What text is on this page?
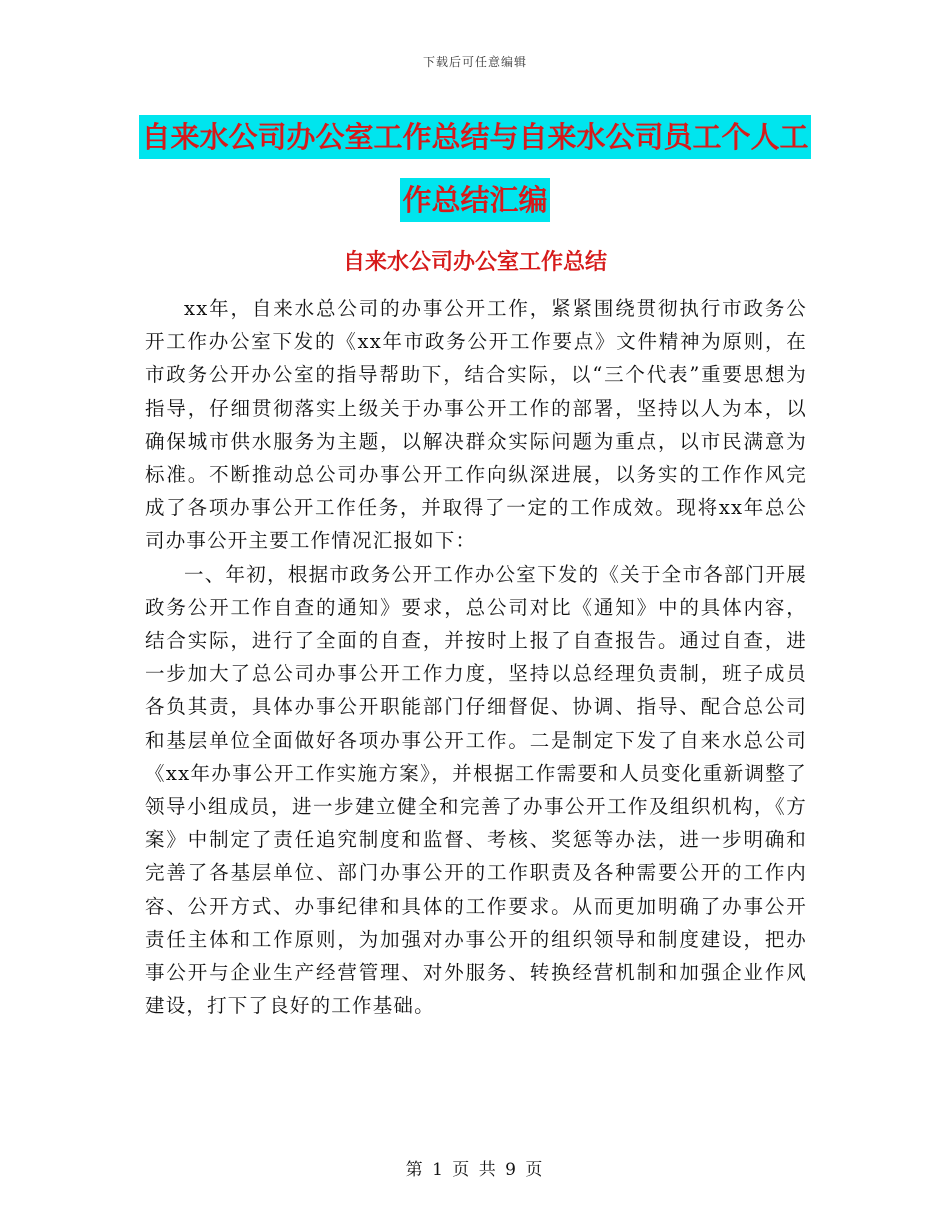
下载后可任意编辑
自来水公司办公室工作总结与自来水公司员工个人工
作总结汇编
自来水公司办公室工作总结

xx年，自来水总公司的办事公开工作，紧紧围绕贯彻执行市政务公开工作办公室下发的《xx年市政务公开工作要点》文件精神为原则，在市政务公开办公室的指导帮助下，结合实际，以“三个代表”重要思想为指导，仔细贯彻落实上级关于办事公开工作的部署，坚持以人为本，以确保城市供水服务为主题，以解决群众实际问题为重点，以市民满意为标准。不断推动总公司办事公开工作向纵深进展，以务实的工作作风完成了各项办事公开工作任务，并取得了一定的工作成效。现将xx年总公司办事公开主要工作情况汇报如下：

一、年初，根据市政务公开工作办公室下发的《关于全市各部门开展政务公开工作自查的通知》要求，总公司对比《通知》中的具体内容，结合实际，进行了全面的自查，并按时上报了自查报告。通过自查，进一步加大了总公司办事公开工作力度，坚持以总经理负责制，班子成员各负其责，具体办事公开职能部门仔细督促、协调、指导、配合总公司和基层单位全面做好各项办事公开工作。二是制定下发了自来水总公司《xx年办事公开工作实施方案》，并根据工作需要和人员变化重新调整了领导小组成员，进一步建立健全和完善了办事公开工作及组织机构，《方案》中制定了责任追究制度和监督、考核、奖惩等办法，进一步明确和完善了各基层单位、部门办事公开的工作职责及各种需要公开的工作内容、公开方式、办事纪律和具体的工作要求。从而更加明确了办事公开责任主体和工作原则，为加强对办事公开的组织领导和制度建设，把办事公开与企业生产经营管理、对外服务、转换经营机制和加强企业作风建设，打下了良好的工作基础。

第 1 页 共 9 页
